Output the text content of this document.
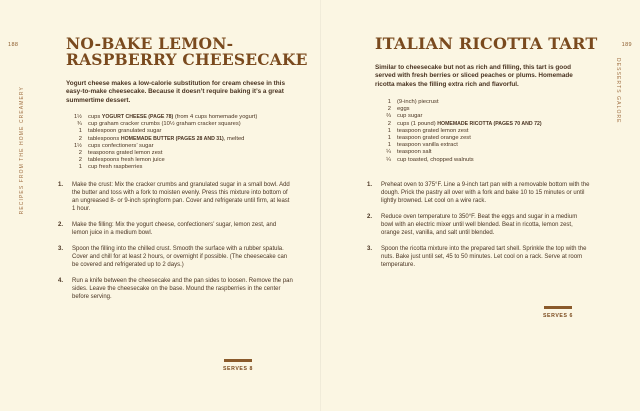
188
RECIPES FROM THE HOME CREAMERY
NO-BAKE LEMON-
RASPBERRY CHEESECAKE
Yogurt cheese makes a low-calorie substitution for cream cheese in this easy-to-make cheesecake. Because it doesn’t require baking it’s a great summertime dessert.
1½	cups YOGURT CHEESE (PAGE 78) (from 4 cups homemade yogurt)
¾	cup graham cracker crumbs (10½ graham cracker squares)
1	tablespoon granulated sugar
2	tablespoons HOMEMADE BUTTER (PAGES 28 AND 31), melted
1½	cups confectioners’ sugar
2	teaspoons grated lemon zest
2	tablespoons fresh lemon juice
1	cup fresh raspberries
1.	Make the crust: Mix the cracker crumbs and granulated sugar in a small bowl. Add the butter and toss with a fork to moisten evenly. Press this mixture into bottom of an ungreased 8- or 9-inch springform pan. Cover and refrigerate until firm, at least 1 hour.
2.	Make the filling: Mix the yogurt cheese, confectioners’ sugar, lemon zest, and lemon juice in a medium bowl.
3.	Spoon the filling into the chilled crust. Smooth the surface with a rubber spatula. Cover and chill for at least 2 hours, or overnight if possible. (The cheesecake can be covered and refrigerated up to 2 days.)
4.	Run a knife between the cheesecake and the pan sides to loosen. Remove the pan sides. Leave the cheesecake on the base. Mound the raspberries in the center before serving.
SERVES 8
189
DESSERTS GALORE
ITALIAN RICOTTA TART
Similar to cheesecake but not as rich and filling, this tart is good served with fresh berries or sliced peaches or plums. Homemade ricotta makes the filling extra rich and flavorful.
1	(9-inch) piecrust
2	eggs
⅔	cup sugar
2	cups (1 pound) HOMEMADE RICOTTA (PAGES 70 AND 72)
1	teaspoon grated lemon zest
1	teaspoon grated orange zest
1	teaspoon vanilla extract
¼	teaspoon salt
¼	cup toasted, chopped walnuts
1.	Preheat oven to 375°F. Line a 9-inch tart pan with a removable bottom with the dough. Prick the pastry all over with a fork and bake 10 to 15 minutes or until lightly browned. Let cool on a wire rack.
2.	Reduce oven temperature to 350°F. Beat the eggs and sugar in a medium bowl with an electric mixer until well blended. Beat in ricotta, lemon zest, orange zest, vanilla, and salt until blended.
3.	Spoon the ricotta mixture into the prepared tart shell. Sprinkle the top with the nuts. Bake just until set, 45 to 50 minutes. Let cool on a rack. Serve at room temperature.
SERVES 6
